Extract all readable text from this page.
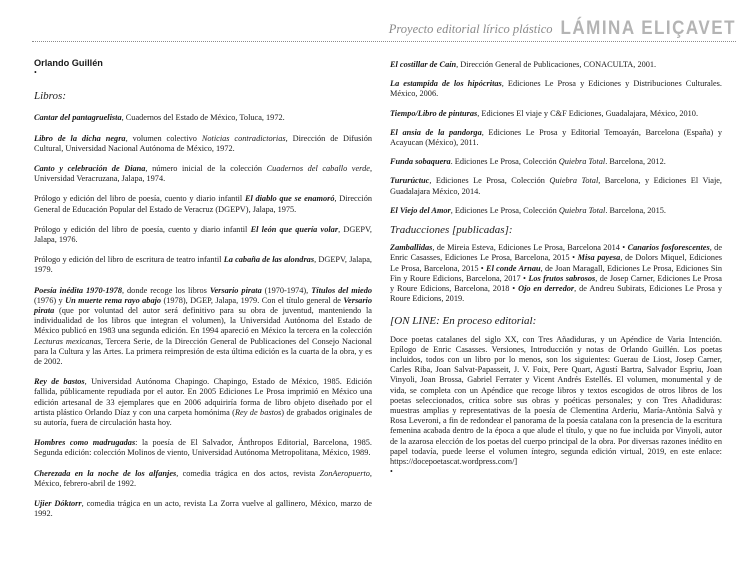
Proyecto editorial lírico plástico LÁMINA ELIÇAVET

Orlando Guillén

•

Libros:

Cantar del pantagruelista, Cuadernos del Estado de México, Toluca, 1972.

Libro de la dicha negra, volumen colectivo Noticias contradictorias, Dirección de Difusión Cultural, Universidad Nacional Autónoma de México, 1972.

Canto y celebración de Diana, número inicial de la colección Cuadernos del caballo verde, Universidad Veracruzana, Jalapa, 1974.

Prólogo y edición del libro de poesía, cuento y diario infantil El diablo que se enamoró, Dirección General de Educación Popular del Estado de Veracruz (DGEPV), Jalapa, 1975.

Prólogo y edición del libro de poesía, cuento y diario infantil El león que quería volar, DGEPV, Jalapa, 1976.

Prólogo y edición del libro de escritura de teatro infantil La cabaña de las alondras, DGEPV, Jalapa, 1979.

Poesía inédita 1970-1978, donde recoge los libros Versario pirata (1970-1974), Títulos del miedo (1976) y Un muerte rema rayo abajo (1978), DGEP, Jalapa, 1979. Con el título general de Versario pirata (que por voluntad del autor será definitivo para su obra de juventud, manteniendo la individualidad de los libros que integran el volumen), la Universidad Autónoma del Estado de México publicó en 1983 una segunda edición. En 1994 apareció en México la tercera en la colección Lecturas mexicanas, Tercera Serie, de la Dirección General de Publicaciones del Consejo Nacional para la Cultura y las Artes. La primera reimpresión de esta última edición es la cuarta de la obra, y es de 2002.

Rey de bastos, Universidad Autónoma Chapingo. Chapingo, Estado de México, 1985. Edición fallida, públicamente repudiada por el autor. En 2005 Ediciones Le Prosa imprimió en México una edición artesanal de 33 ejemplares que en 2006 adquiriría forma de libro objeto diseñado por el artista plástico Orlando Díaz y con una carpeta homónima (Rey de bastos) de grabados originales de su autoría, fuera de circulación hasta hoy.

Hombres como madrugadas: la poesía de El Salvador, Ánthropos Editorial, Barcelona, 1985. Segunda edición: colección Molinos de viento, Universidad Autónoma Metropolitana, México, 1989.

Cherezada en la noche de los alfanjes, comedia trágica en dos actos, revista ZonAeropuerto, México, febrero-abril de 1992.

Ujier Dóktorr, comedia trágica en un acto, revista La Zorra vuelve al gallinero, México, marzo de 1992.

El costillar de Caín, Dirección General de Publicaciones, CONACULTA, 2001.

La estampida de los hipócritas, Ediciones Le Prosa y Ediciones y Distribuciones Culturales. México, 2006.

Tiempo/Libro de pinturas, Ediciones El viaje y C&F Ediciones, Guadalajara, México, 2010.

El ansia de la pandorga, Ediciones Le Prosa y Editorial Temoayán, Barcelona (España) y Acayucan (México), 2011.

Funda sobaquera. Ediciones Le Prosa, Colección Quiebra Total. Barcelona, 2012.

Tururúctuc, Ediciones Le Prosa, Colección Quiebra Total, Barcelona, y Ediciones El Viaje, Guadalajara México, 2014.

El Viejo del Amor, Ediciones Le Prosa, Colección Quiebra Total. Barcelona, 2015.

Traducciones [publicadas]:

Zamballidas, de Mireia Esteva, Ediciones Le Prosa, Barcelona 2014 • Canarios fosforescentes, de Enric Casasses, Ediciones Le Prosa, Barcelona, 2015 • Misa payesa, de Dolors Miquel, Ediciones Le Prosa, Barcelona, 2015 • El conde Arnau, de Joan Maragall, Ediciones Le Prosa, Ediciones Sin Fin y Roure Edicions, Barcelona, 2017 • Los frutos sabrosos, de Josep Carner, Ediciones Le Prosa y Roure Edicions, Barcelona, 2018 • Ojo en derredor, de Andreu Subirats, Ediciones Le Prosa y Roure Edicions, 2019.

[ON LINE: En proceso editorial:

Doce poetas catalanes del siglo XX, con Tres Añadiduras, y un Apéndice de Varia Intención. Epílogo de Enric Casasses. Versiones, Introducción y notas de Orlando Guillén. Los poetas incluidos, todos con un libro por lo menos, son los siguientes: Guerau de Liost, Josep Carner, Carles Riba, Joan Salvat-Papasseit, J. V. Foix, Pere Quart, Agustí Bartra, Salvador Espriu, Joan Vinyoli, Joan Brossa, Gabriel Ferrater y Vicent Andrés Estellés. El volumen, monumental y de vida, se completa con un Apéndice que recoge libros y textos escogidos de otros libros de los poetas seleccionados, crítica sobre sus obras y poéticas personales; y con Tres Añadiduras: muestras amplias y representativas de la poesía de Clementina Arderiu, María-Antònia Salvà y Rosa Leveroni, a fin de redondear el panorama de la poesía catalana con la presencia de la escritura femenina acabada dentro de la época a que alude el título, y que no fue incluida por Vinyoli, autor de la azarosa elección de los poetas del cuerpo principal de la obra. Por diversas razones inédito en papel todavía, puede leerse el volumen íntegro, segunda edición virtual, 2019, en este enlace: https://docepoetascat.wordpress.com/]

•
